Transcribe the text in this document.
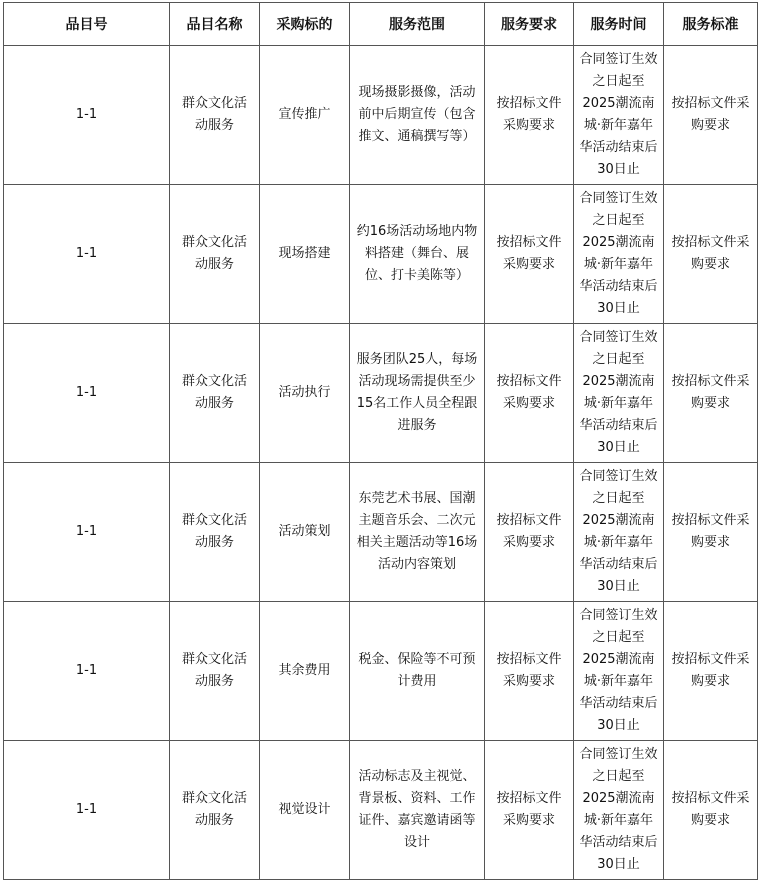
品目号	品目名称	采购标的	服务范围	服务要求	服务时间	服务标准
1-1	群众文化活动服务	宣传推广	现场摄影摄像，活动前中后期宣传（包含推文、通稿撰写等）	按招标文件采购要求	合同签订生效之日起至2025潮流南城·新年嘉年华活动结束后30日止	按招标文件采购要求
1-1	群众文化活动服务	现场搭建	约16场活动场地内物料搭建（舞台、展位、打卡美陈等）	按招标文件采购要求	合同签订生效之日起至2025潮流南城·新年嘉年华活动结束后30日止	按招标文件采购要求
1-1	群众文化活动服务	活动执行	服务团队25人，每场活动现场需提供至少15名工作人员全程跟进服务	按招标文件采购要求	合同签订生效之日起至2025潮流南城·新年嘉年华活动结束后30日止	按招标文件采购要求
1-1	群众文化活动服务	活动策划	东莞艺术书展、国潮主题音乐会、二次元相关主题活动等16场活动内容策划	按招标文件采购要求	合同签订生效之日起至2025潮流南城·新年嘉年华活动结束后30日止	按招标文件采购要求
1-1	群众文化活动服务	其余费用	税金、保险等不可预计费用	按招标文件采购要求	合同签订生效之日起至2025潮流南城·新年嘉年华活动结束后30日止	按招标文件采购要求
1-1	群众文化活动服务	视觉设计	活动标志及主视觉、背景板、资料、工作证件、嘉宾邀请函等设计	按招标文件采购要求	合同签订生效之日起至2025潮流南城·新年嘉年华活动结束后30日止	按招标文件采购要求
